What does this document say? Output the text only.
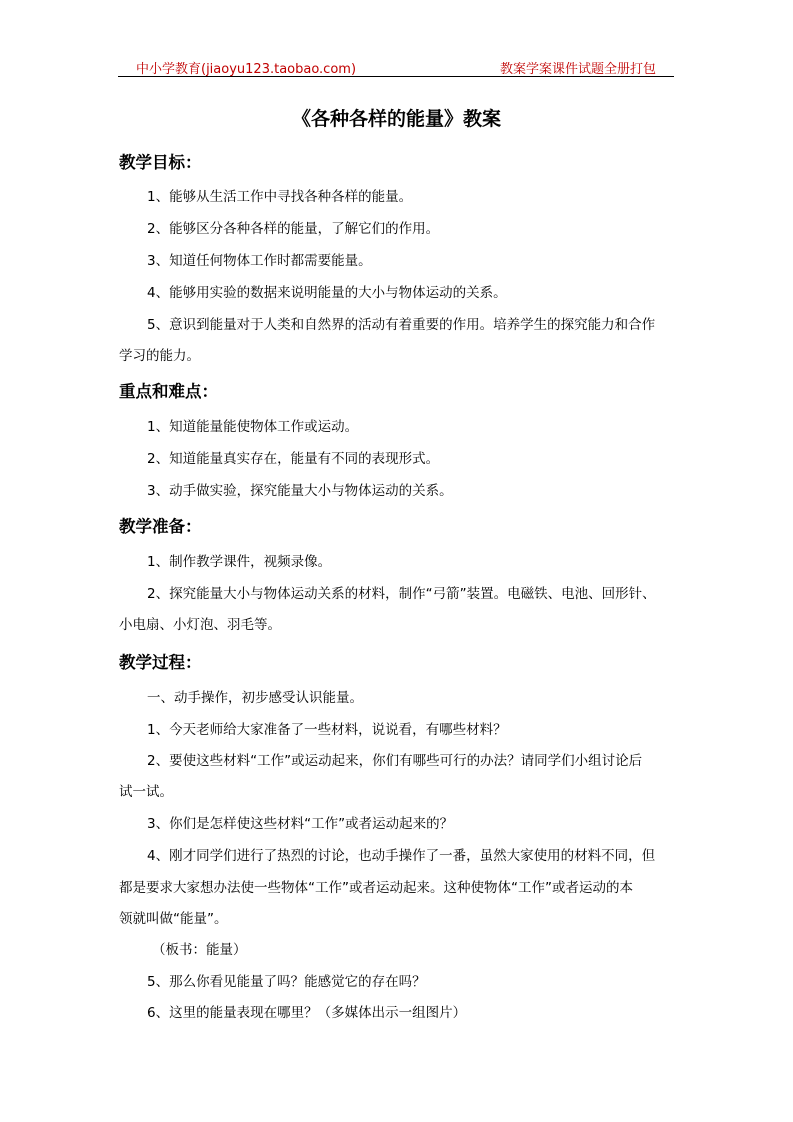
中小学教育(jiaoyu123.taobao.com)	教案学案课件试题全册打包
《各种各样的能量》教案
教学目标：
1、能够从生活工作中寻找各种各样的能量。
2、能够区分各种各样的能量，了解它们的作用。
3、知道任何物体工作时都需要能量。
4、能够用实验的数据来说明能量的大小与物体运动的关系。
5、意识到能量对于人类和自然界的活动有着重要的作用。培养学生的探究能力和合作
学习的能力。
重点和难点：
1、知道能量能使物体工作或运动。
2、知道能量真实存在，能量有不同的表现形式。
3、动手做实验，探究能量大小与物体运动的关系。
教学准备：
1、制作教学课件，视频录像。
2、探究能量大小与物体运动关系的材料，制作“弓箭”装置。电磁铁、电池、回形针、
小电扇、小灯泡、羽毛等。
教学过程：
一、动手操作，初步感受认识能量。
1、今天老师给大家准备了一些材料，说说看，有哪些材料？
2、要使这些材料“工作”或运动起来，你们有哪些可行的办法？请同学们小组讨论后
试一试。
3、你们是怎样使这些材料“工作”或者运动起来的？
4、刚才同学们进行了热烈的讨论，也动手操作了一番，虽然大家使用的材料不同，但
都是要求大家想办法使一些物体“工作”或者运动起来。这种使物体“工作”或者运动的本
领就叫做“能量”。
（板书：能量）
5、那么你看见能量了吗？能感觉它的存在吗？
6、这里的能量表现在哪里？（多媒体出示一组图片）
